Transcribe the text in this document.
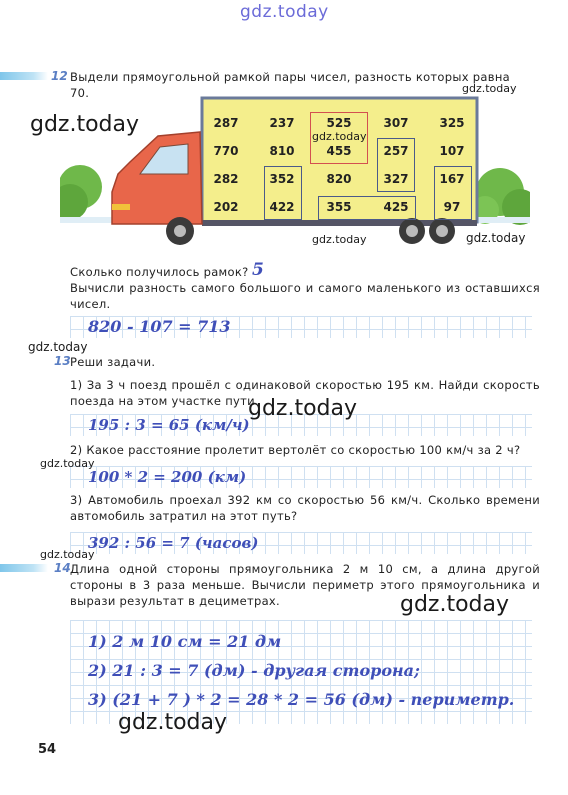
gdz.today
12 Выдели прямоугольной рамкой пары чисел, разность которых равна 70.
287	237	525	307	325
770	810	455	257	107
282	352	820	327	167
202	422	355	425	97
Сколько получилось рамок? 5
Вычисли разность самого большого и самого маленького из оставшихся чисел.
820 - 107 = 713
13 Реши задачи.
1) За 3 ч поезд прошёл с одинаковой скоростью 195 км. Найди скорость поезда на этом участке пути.
195 : 3 = 65 (км/ч)
2) Какое расстояние пролетит вертолёт со скоростью 100 км/ч за 2 ч?
100 * 2 = 200 (км)
3) Автомобиль проехал 392 км со скоростью 56 км/ч. Сколько времени автомобиль затратил на этот путь?
392 : 56 = 7 (часов)
14 Длина одной стороны прямоугольника 2 м 10 см, а длина другой стороны в 3 раза меньше. Вычисли периметр этого прямоугольника и вырази результат в дециметрах.
1) 2 м 10 см = 21 дм
2) 21 : 3 = 7 (дм) - другая сторона;
3) (21 + 7 ) * 2 = 28 * 2 = 56 (дм) - периметр.
54
gdz.today
gdz.today	gdz.today
gdz.today	gdz.today
gdz.today
gdz.today
gdz.today
gdz.today
gdz.today
gdz.today
